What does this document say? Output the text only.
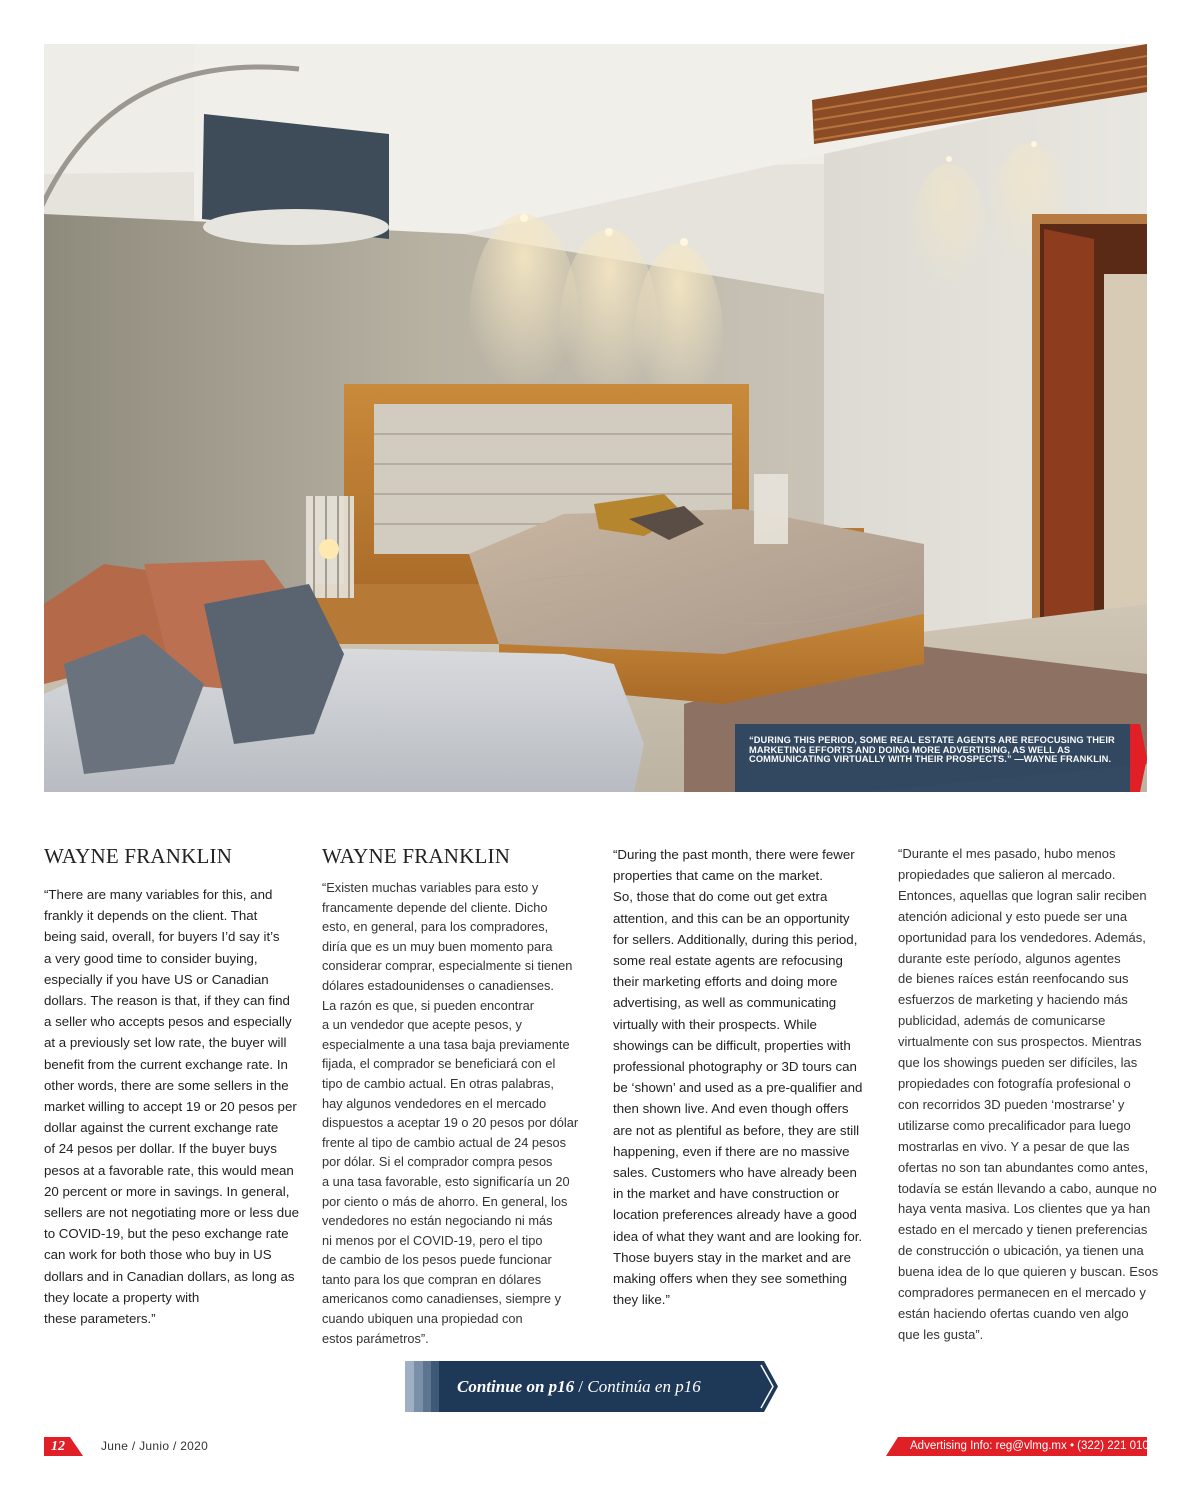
“DURING THIS PERIOD, SOME REAL ESTATE AGENTS ARE REFOCUSING THEIR MARKETING EFFORTS AND DOING MORE ADVERTISING, AS WELL AS COMMUNICATING VIRTUALLY WITH THEIR PROSPECTS.” —WAYNE FRANKLIN.
WAYNE FRANKLIN
“There are many variables for this, and
frankly it depends on the client. That
being said, overall, for buyers I’d say it’s
a very good time to consider buying,
especially if you have US or Canadian
dollars. The reason is that, if they can find
a seller who accepts pesos and especially
at a previously set low rate, the buyer will
benefit from the current exchange rate. In
other words, there are some sellers in the
market willing to accept 19 or 20 pesos per
dollar against the current exchange rate
of 24 pesos per dollar. If the buyer buys
pesos at a favorable rate, this would mean
20 percent or more in savings. In general,
sellers are not negotiating more or less due
to COVID-19, but the peso exchange rate
can work for both those who buy in US
dollars and in Canadian dollars, as long as
they locate a property with
these parameters.”
WAYNE FRANKLIN
“Existen muchas variables para esto y
francamente depende del cliente. Dicho
esto, en general, para los compradores,
diría que es un muy buen momento para
considerar comprar, especialmente si tienen
dólares estadounidenses o canadienses.
La razón es que, si pueden encontrar
a un vendedor que acepte pesos, y
especialmente a una tasa baja previamente
fijada, el comprador se beneficiará con el
tipo de cambio actual. En otras palabras,
hay algunos vendedores en el mercado
dispuestos a aceptar 19 o 20 pesos por dólar
frente al tipo de cambio actual de 24 pesos
por dólar. Si el comprador compra pesos
a una tasa favorable, esto significaría un 20
por ciento o más de ahorro. En general, los
vendedores no están negociando ni más
ni menos por el COVID-19, pero el tipo
de cambio de los pesos puede funcionar
tanto para los que compran en dólares
americanos como canadienses, siempre y
cuando ubiquen una propiedad con
estos parámetros”.
“During the past month, there were fewer
properties that came on the market.
So, those that do come out get extra
attention, and this can be an opportunity
for sellers. Additionally, during this period,
some real estate agents are refocusing
their marketing efforts and doing more
advertising, as well as communicating
virtually with their prospects. While
showings can be difficult, properties with
professional photography or 3D tours can
be ‘shown’ and used as a pre-qualifier and
then shown live. And even though offers
are not as plentiful as before, they are still
happening, even if there are no massive
sales. Customers who have already been
in the market and have construction or
location preferences already have a good
idea of what they want and are looking for.
Those buyers stay in the market and are
making offers when they see something
they like.”
“Durante el mes pasado, hubo menos
propiedades que salieron al mercado.
Entonces, aquellas que logran salir reciben
atención adicional y esto puede ser una
oportunidad para los vendedores. Además,
durante este período, algunos agentes
de bienes raíces están reenfocando sus
esfuerzos de marketing y haciendo más
publicidad, además de comunicarse
virtualmente con sus prospectos. Mientras
que los showings pueden ser difíciles, las
propiedades con fotografía profesional o
con recorridos 3D pueden ‘mostrarse’ y
utilizarse como precalificador para luego
mostrarlas en vivo. Y a pesar de que las
ofertas no son tan abundantes como antes,
todavía se están llevando a cabo, aunque no
haya venta masiva. Los clientes que ya han
estado en el mercado y tienen preferencias
de construcción o ubicación, ya tienen una
buena idea de lo que quieren y buscan. Esos
compradores permanecen en el mercado y
están haciendo ofertas cuando ven algo
que les gusta”.
Continue on p16 / Continúa en p16
12	June / Junio / 2020	Advertising Info: reg@vlmg.mx • (322) 221 0106
